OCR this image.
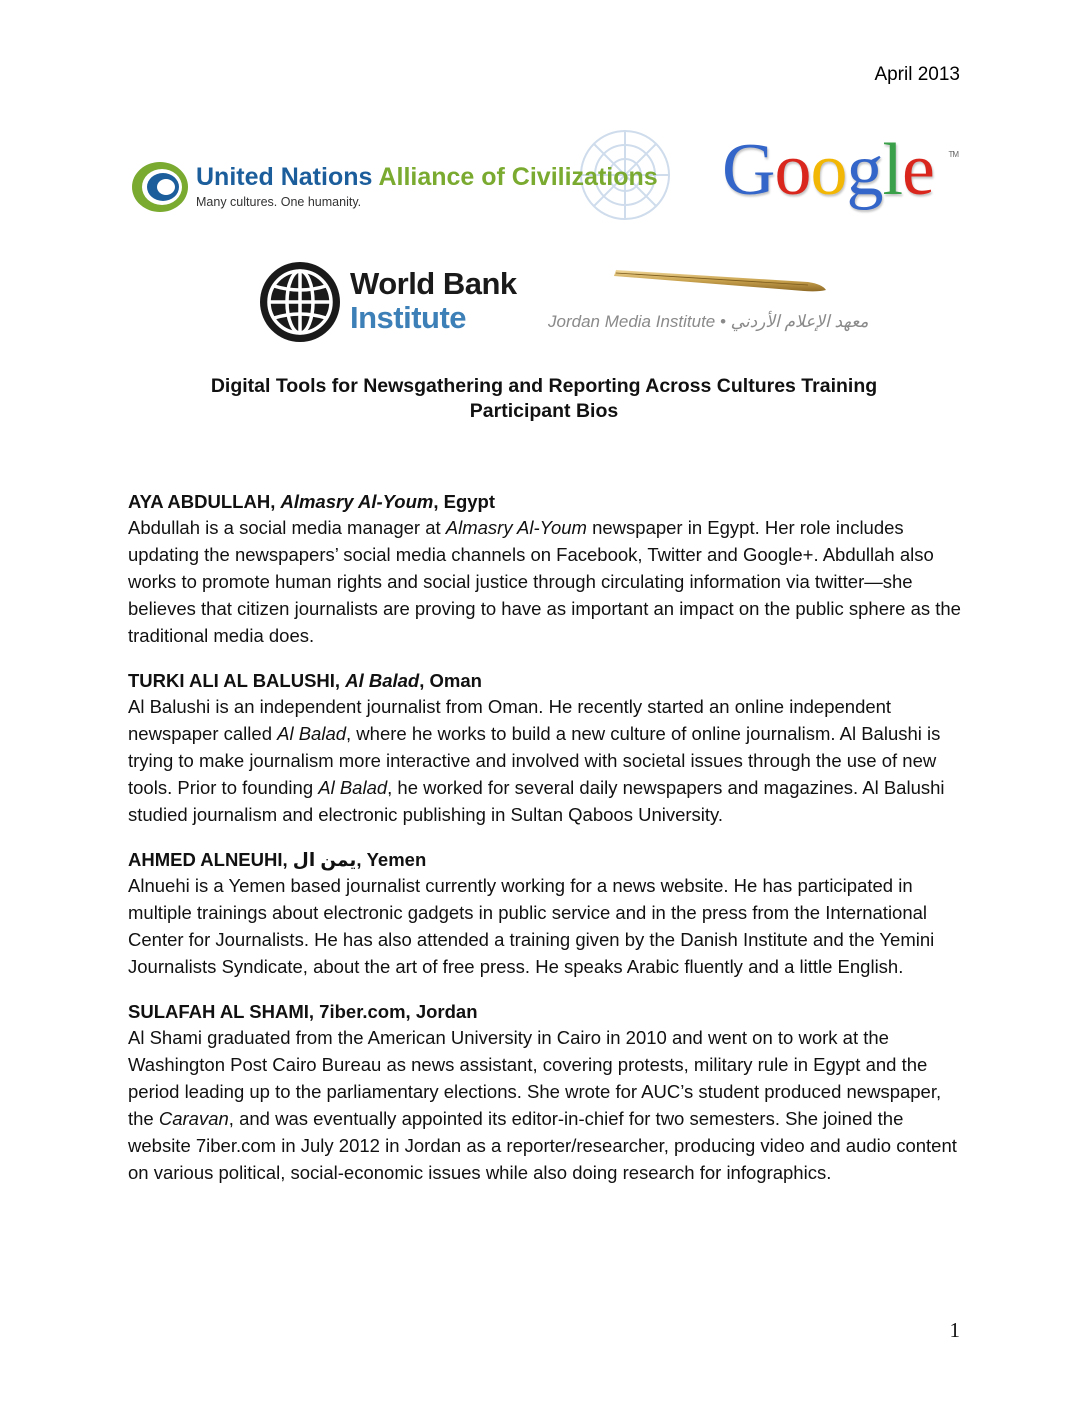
April 2013
United Nations Alliance of Civilizations
Many cultures. One humanity.	Google TM
World Bank
Institute	Jordan Media Institute • معهد الإعلام الأردني
Digital Tools for Newsgathering and Reporting Across Cultures Training
Participant Bios
AYA ABDULLAH, Almasry Al-Youm, Egypt
Abdullah is a social media manager at Almasry Al-Youm newspaper in Egypt. Her role includes updating the newspapers’ social media channels on Facebook, Twitter and Google+. Abdullah also works to promote human rights and social justice through circulating information via twitter—she believes that citizen journalists are proving to have as important an impact on the public sphere as the traditional media does.
TURKI ALI AL BALUSHI, Al Balad, Oman
Al Balushi is an independent journalist from Oman. He recently started an online independent newspaper called Al Balad, where he works to build a new culture of online journalism. Al Balushi is trying to make journalism more interactive and involved with societal issues through the use of new tools. Prior to founding Al Balad, he worked for several daily newspapers and magazines. Al Balushi studied journalism and electronic publishing in Sultan Qaboos University.
AHMED ALNEUHI, يمن ال, Yemen
Alnuehi is a Yemen based journalist currently working for a news website. He has participated in multiple trainings about electronic gadgets in public service and in the press from the International Center for Journalists. He has also attended a training given by the Danish Institute and the Yemini Journalists Syndicate, about the art of free press. He speaks Arabic fluently and a little English.
SULAFAH AL SHAMI, 7iber.com, Jordan
Al Shami graduated from the American University in Cairo in 2010 and went on to work at the Washington Post Cairo Bureau as news assistant, covering protests, military rule in Egypt and the period leading up to the parliamentary elections. She wrote for AUC’s student produced newspaper, the Caravan, and was eventually appointed its editor-in-chief for two semesters. She joined the website 7iber.com in July 2012 in Jordan as a reporter/researcher, producing video and audio content on various political, social-economic issues while also doing research for infographics.
1
